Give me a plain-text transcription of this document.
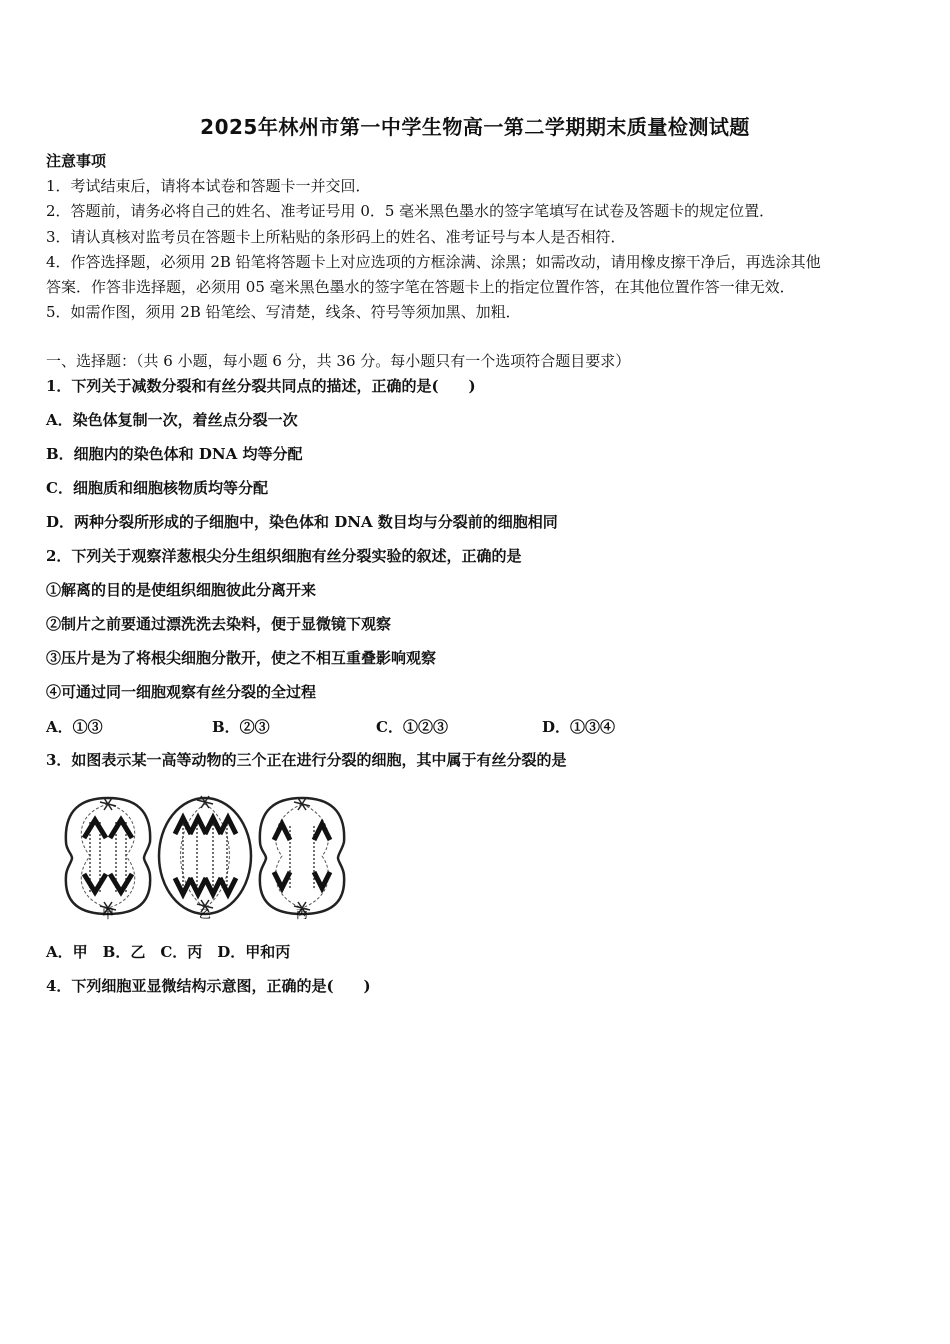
2025年林州市第一中学生物高一第二学期期末质量检测试题
注意事项
1．考试结束后，请将本试卷和答题卡一并交回．
2．答题前，请务必将自己的姓名、准考证号用 0．5 毫米黑色墨水的签字笔填写在试卷及答题卡的规定位置．
3．请认真核对监考员在答题卡上所粘贴的条形码上的姓名、准考证号与本人是否相符．
4．作答选择题，必须用 2B 铅笔将答题卡上对应选项的方框涂满、涂黑；如需改动，请用橡皮擦干净后，再选涂其他
答案．作答非选择题，必须用 05 毫米黑色墨水的签字笔在答题卡上的指定位置作答，在其他位置作答一律无效．
5．如需作图，须用 2B 铅笔绘、写清楚，线条、符号等须加黑、加粗．
一、选择题：（共 6 小题，每小题 6 分，共 36 分。每小题只有一个选项符合题目要求）
1．下列关于减数分裂和有丝分裂共同点的描述，正确的是(　　)
A．染色体复制一次，着丝点分裂一次
B．细胞内的染色体和 DNA 均等分配
C．细胞质和细胞核物质均等分配
D．两种分裂所形成的子细胞中，染色体和 DNA 数目均与分裂前的细胞相同
2．下列关于观察洋葱根尖分生组织细胞有丝分裂实验的叙述，正确的是
①解离的目的是使组织细胞彼此分离开来
②制片之前要通过漂洗洗去染料，便于显微镜下观察
③压片是为了将根尖细胞分散开，使之不相互重叠影响观察
④可通过同一细胞观察有丝分裂的全过程
A．①③	B．②③	C．①②③	D．①③④
3．如图表示某一高等动物的三个正在进行分裂的细胞，其中属于有丝分裂的是
甲	乙	丙
A．甲　B．乙　C．丙　D．甲和丙
4．下列细胞亚显微结构示意图，正确的是(　　)
